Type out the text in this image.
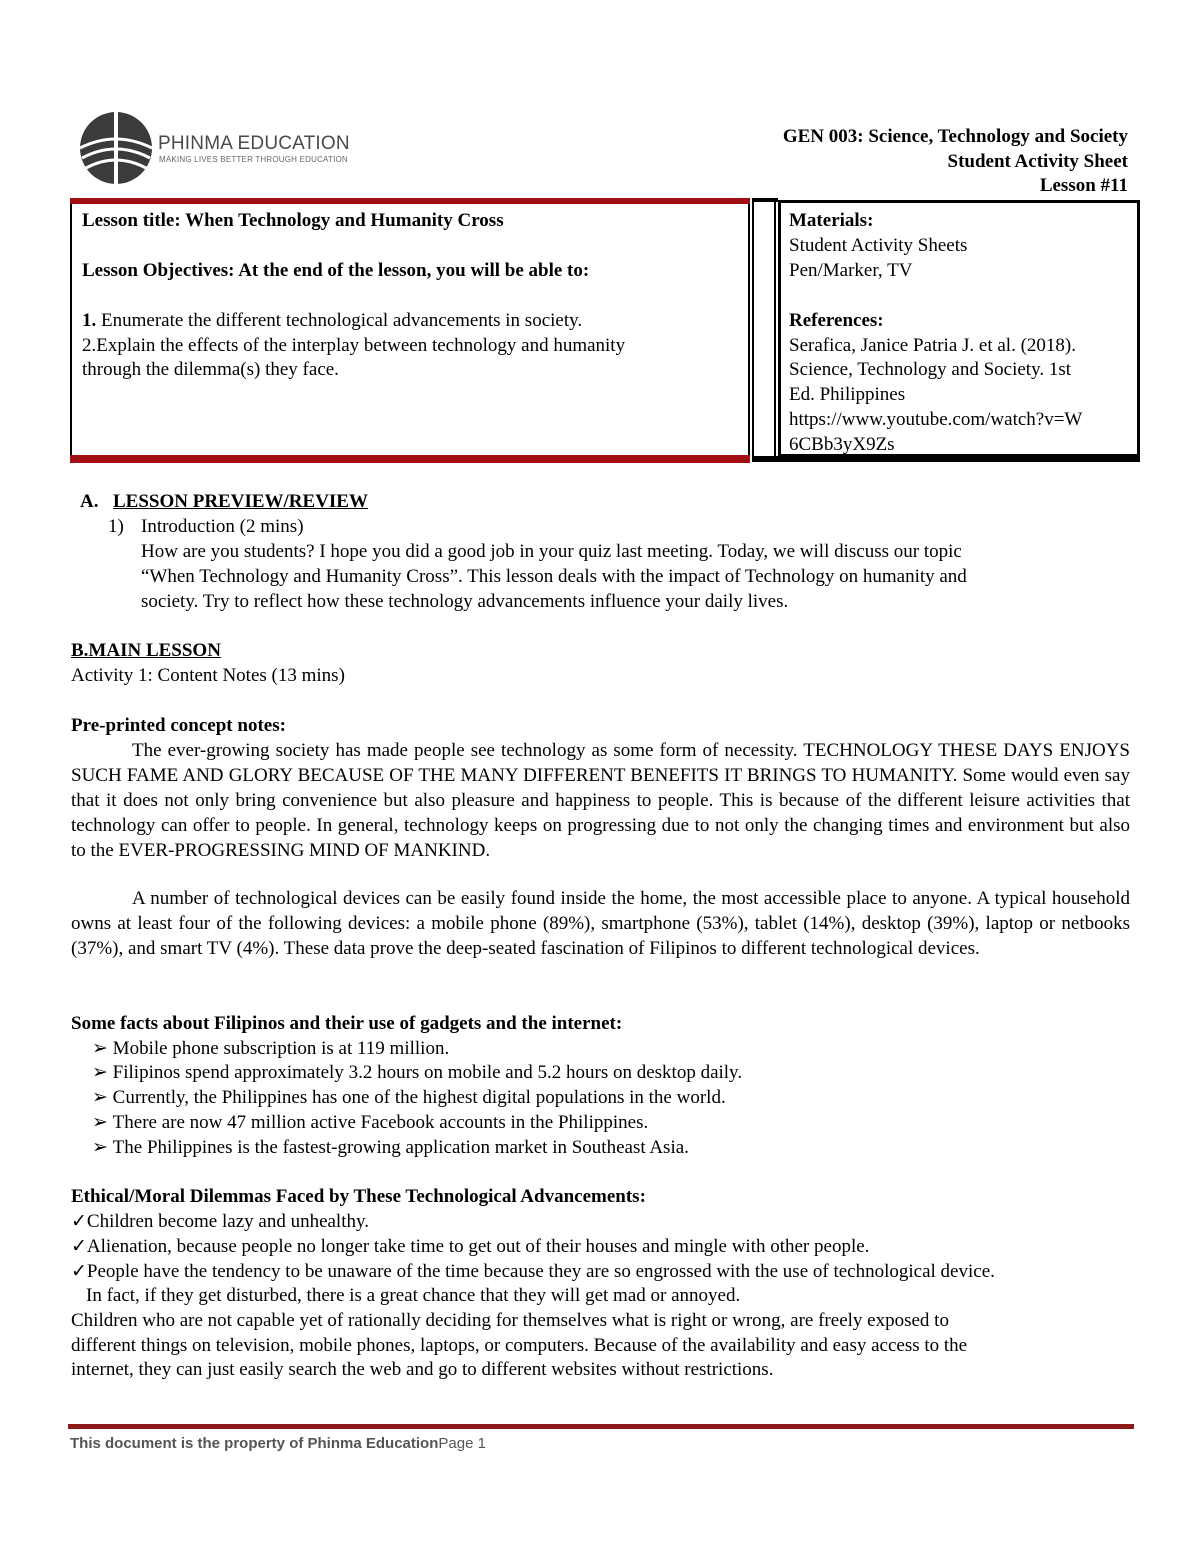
PHINMA EDUCATION
MAKING LIVES BETTER THROUGH EDUCATION
GEN 003: Science, Technology and Society
Student Activity Sheet
Lesson #11
Lesson title: When Technology and Humanity Cross
Lesson Objectives: At the end of the lesson, you will be able to:
1. Enumerate the different technological advancements in society.
2.Explain the effects of the interplay between technology and humanity
through the dilemma(s) they face.
Materials:
Student Activity Sheets
Pen/Marker, TV
References:
Serafica, Janice Patria J. et al. (2018).
Science, Technology and Society. 1st
Ed. Philippines
https://www.youtube.com/watch?v=W
6CBb3yX9Zs
A. LESSON PREVIEW/REVIEW
1) Introduction (2 mins)
How are you students? I hope you did a good job in your quiz last meeting. Today, we will discuss our topic
“When Technology and Humanity Cross”. This lesson deals with the impact of Technology on humanity and
society. Try to reflect how these technology advancements influence your daily lives.
B.MAIN LESSON
Activity 1: Content Notes (13 mins)
Pre-printed concept notes:
The ever-growing society has made people see technology as some form of necessity. TECHNOLOGY THESE DAYS ENJOYS SUCH FAME AND GLORY BECAUSE OF THE MANY DIFFERENT BENEFITS IT BRINGS TO HUMANITY. Some would even say that it does not only bring convenience but also pleasure and happiness to people. This is because of the different leisure activities that technology can offer to people. In general, technology keeps on progressing due to not only the changing times and environment but also to the EVER-PROGRESSING MIND OF MANKIND.
A number of technological devices can be easily found inside the home, the most accessible place to anyone. A typical household owns at least four of the following devices: a mobile phone (89%), smartphone (53%), tablet (14%), desktop (39%), laptop or netbooks (37%), and smart TV (4%). These data prove the deep-seated fascination of Filipinos to different technological devices.
Some facts about Filipinos and their use of gadgets and the internet:
➢ Mobile phone subscription is at 119 million.
➢ Filipinos spend approximately 3.2 hours on mobile and 5.2 hours on desktop daily.
➢ Currently, the Philippines has one of the highest digital populations in the world.
➢ There are now 47 million active Facebook accounts in the Philippines.
➢ The Philippines is the fastest-growing application market in Southeast Asia.
Ethical/Moral Dilemmas Faced by These Technological Advancements:
✓Children become lazy and unhealthy.
✓Alienation, because people no longer take time to get out of their houses and mingle with other people.
✓People have the tendency to be unaware of the time because they are so engrossed with the use of technological device.
In fact, if they get disturbed, there is a great chance that they will get mad or annoyed.
Children who are not capable yet of rationally deciding for themselves what is right or wrong, are freely exposed to
different things on television, mobile phones, laptops, or computers. Because of the availability and easy access to the
internet, they can just easily search the web and go to different websites without restrictions.
This document is the property of Phinma EducationPage 1
